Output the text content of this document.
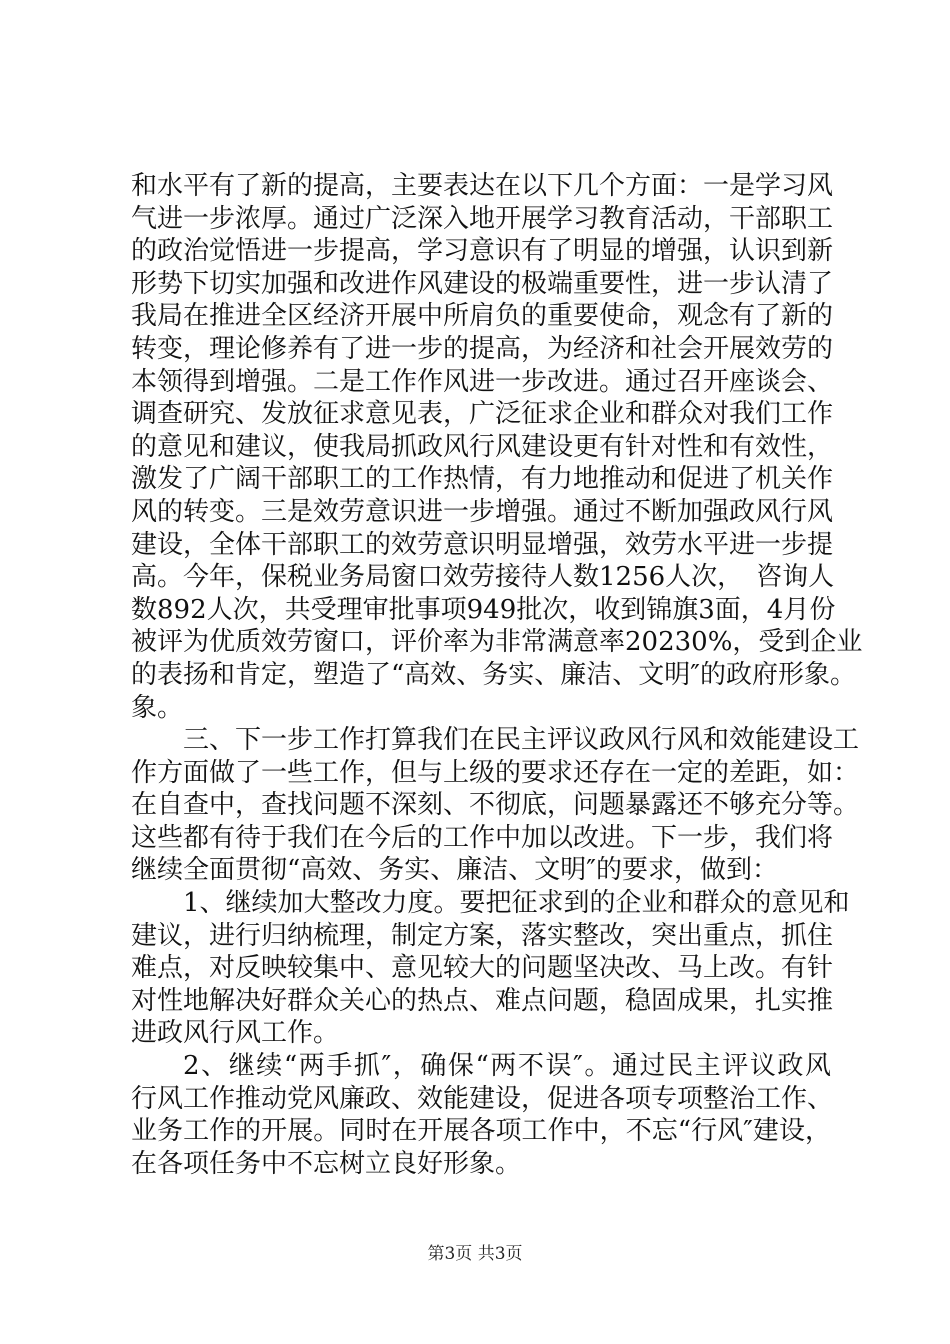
和水平有了新的提高，主要表达在以下几个方面：一是学习风
气进一步浓厚。通过广泛深入地开展学习教育活动，干部职工
的政治觉悟进一步提高，学习意识有了明显的增强，认识到新
形势下切实加强和改进作风建设的极端重要性，进一步认清了
我局在推进全区经济开展中所肩负的重要使命，观念有了新的
转变，理论修养有了进一步的提高，为经济和社会开展效劳的
本领得到增强。二是工作作风进一步改进。通过召开座谈会、
调查研究、发放征求意见表，广泛征求企业和群众对我们工作
的意见和建议，使我局抓政风行风建设更有针对性和有效性，
激发了广阔干部职工的工作热情，有力地推动和促进了机关作
风的转变。三是效劳意识进一步增强。通过不断加强政风行风
建设，全体干部职工的效劳意识明显增强，效劳水平进一步提
高。今年，保税业务局窗口效劳接待人数1256人次，　咨询人
数892人次，共受理审批事项949批次，收到锦旗3面，4月份
被评为优质效劳窗口，评价率为非常满意率20230%，受到企业
的表扬和肯定，塑造了“高效、务实、廉洁、文明″的政府形象。
象。
三、下一步工作打算我们在民主评议政风行风和效能建设工
作方面做了一些工作，但与上级的要求还存在一定的差距，如：
在自查中，查找问题不深刻、不彻底，问题暴露还不够充分等。
这些都有待于我们在今后的工作中加以改进。下一步，我们将
继续全面贯彻“高效、务实、廉洁、文明″的要求，做到：
1、继续加大整改力度。要把征求到的企业和群众的意见和
建议，进行归纳梳理，制定方案，落实整改，突出重点，抓住
难点，对反映较集中、意见较大的问题坚决改、马上改。有针
对性地解决好群众关心的热点、难点问题，稳固成果，扎实推
进政风行风工作。
2、继续“两手抓″，确保“两不误″。通过民主评议政风
行风工作推动党风廉政、效能建设，促进各项专项整治工作、
业务工作的开展。同时在开展各项工作中，不忘“行风″建设，
在各项任务中不忘树立良好形象。
第3页 共3页
